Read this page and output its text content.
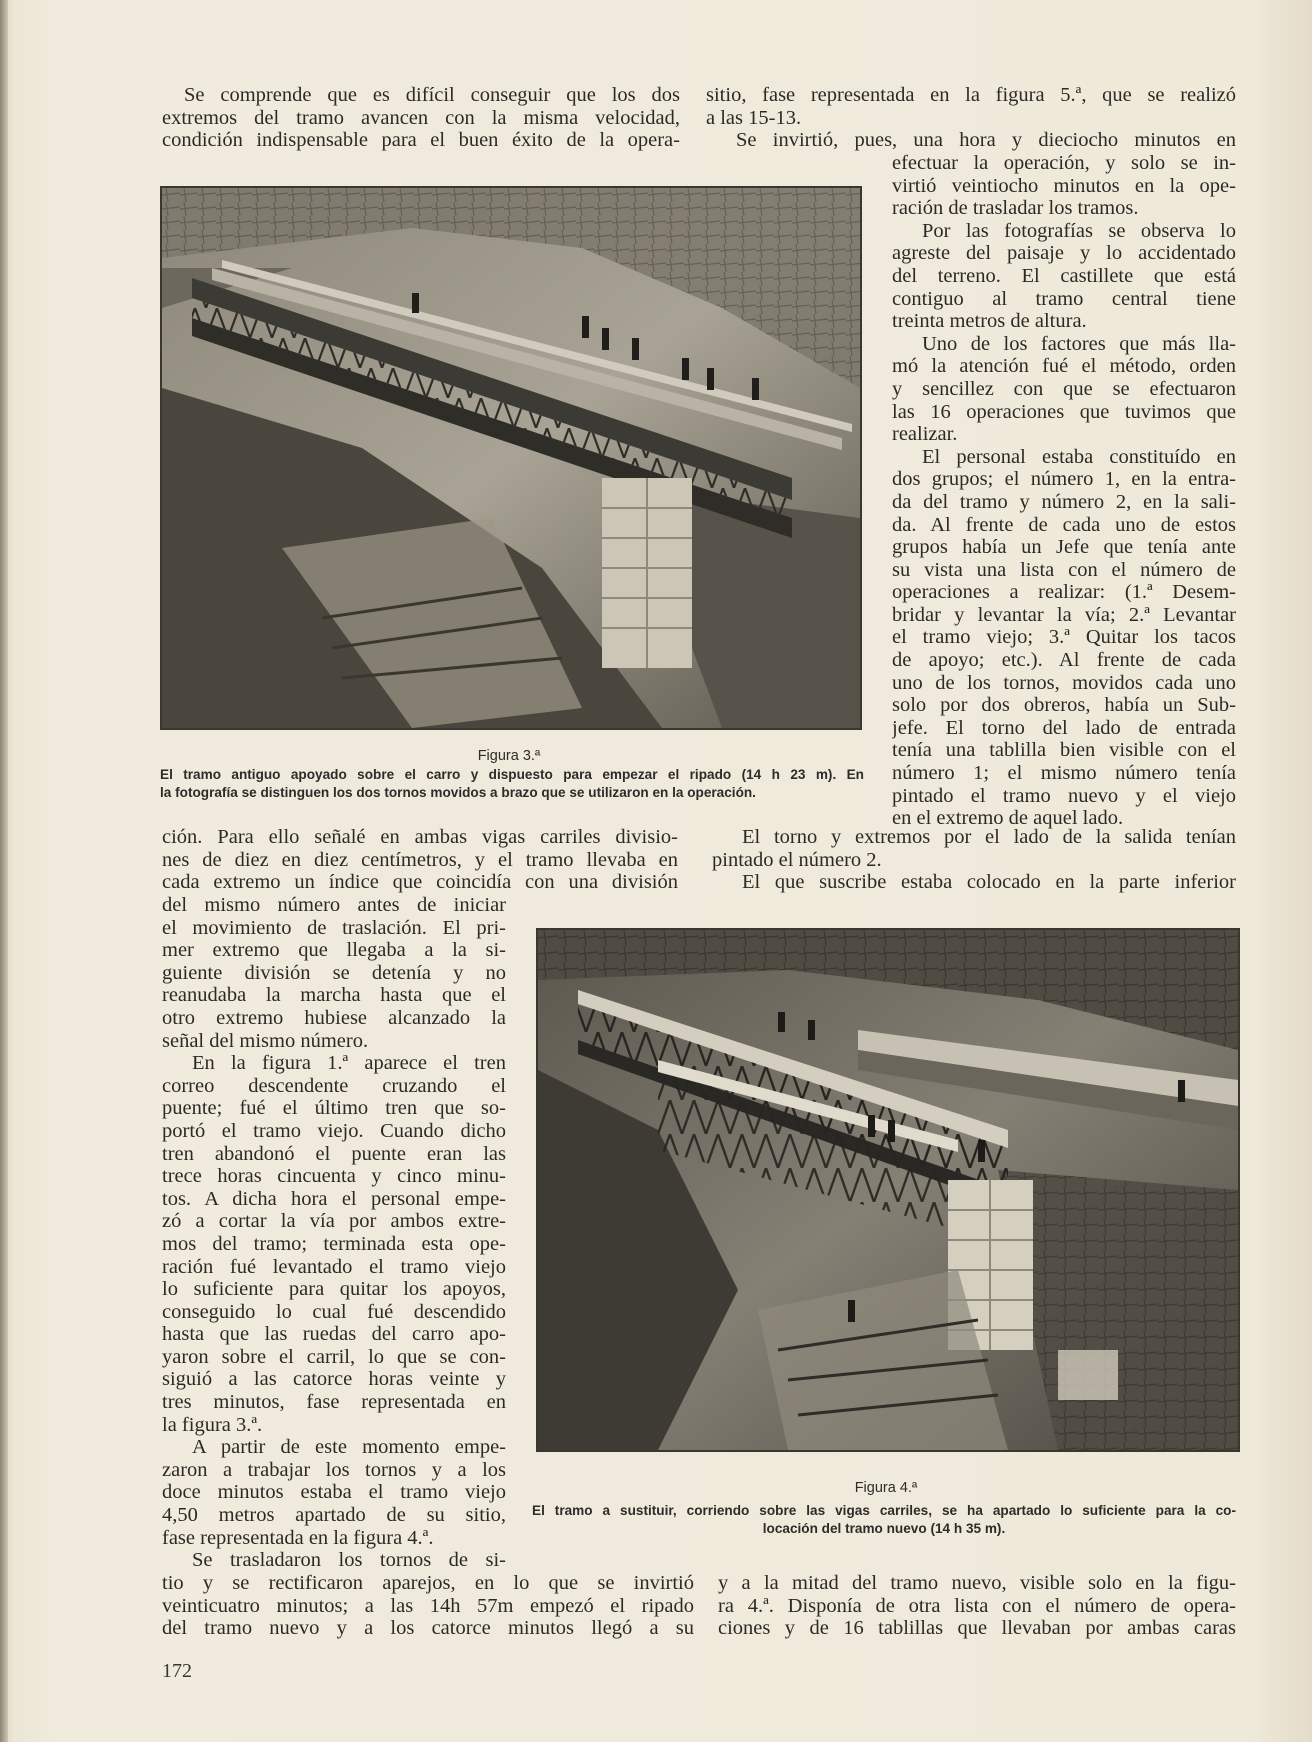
Se comprende que es difícil conseguir que los dos
extremos del tramo avancen con la misma velocidad,
condición indispensable para el buen éxito de la opera-
sitio, fase representada en la figura 5.ª, que se realizó
a las 15-13.
Se invirtió, pues, una hora y dieciocho minutos en
efectuar la operación, y solo se in-
virtió veintiocho minutos en la ope-
ración de trasladar los tramos.
Por las fotografías se observa lo
agreste del paisaje y lo accidentado
del terreno. El castillete que está
contiguo al tramo central tiene
treinta metros de altura.
Uno de los factores que más lla-
mó la atención fué el método, orden
y sencillez con que se efectuaron
las 16 operaciones que tuvimos que
realizar.
El personal estaba constituído en
dos grupos; el número 1, en la entra-
da del tramo y número 2, en la sali-
da. Al frente de cada uno de estos
grupos había un Jefe que tenía ante
su vista una lista con el número de
operaciones a realizar: (1.ª Desem-
bridar y levantar la vía; 2.ª Levantar
el tramo viejo; 3.ª Quitar los tacos
de apoyo; etc.). Al frente de cada
uno de los tornos, movidos cada uno
solo por dos obreros, había un Sub-
jefe. El torno del lado de entrada
tenía una tablilla bien visible con el
número 1; el mismo número tenía
pintado el tramo nuevo y el viejo
en el extremo de aquel lado.
Figura 3.ª
El tramo antiguo apoyado sobre el carro y dispuesto para empezar el ripado (14 h 23 m). En
la fotografía se distinguen los dos tornos movidos a brazo que se utilizaron en la operación.
ción. Para ello señalé en ambas vigas carriles divisio-
nes de diez en diez centímetros, y el tramo llevaba en
cada extremo un índice que coincidía con una división
El torno y extremos por el lado de la salida tenían
pintado el número 2.
El que suscribe estaba colocado en la parte inferior
del mismo número antes de iniciar
el movimiento de traslación. El pri-
mer extremo que llegaba a la si-
guiente división se detenía y no
reanudaba la marcha hasta que el
otro extremo hubiese alcanzado la
señal del mismo número.
En la figura 1.ª aparece el tren
correo descendente cruzando el
puente; fué el último tren que so-
portó el tramo viejo. Cuando dicho
tren abandonó el puente eran las
trece horas cincuenta y cinco minu-
tos. A dicha hora el personal empe-
zó a cortar la vía por ambos extre-
mos del tramo; terminada esta ope-
ración fué levantado el tramo viejo
lo suficiente para quitar los apoyos,
conseguido lo cual fué descendido
hasta que las ruedas del carro apo-
yaron sobre el carril, lo que se con-
siguió a las catorce horas veinte y
tres minutos, fase representada en
la figura 3.ª.
A partir de este momento empe-
zaron a trabajar los tornos y a los
doce minutos estaba el tramo viejo
4,50 metros apartado de su sitio,
fase representada en la figura 4.ª.
Se trasladaron los tornos de si-
Figura 4.ª
El tramo a sustituir, corriendo sobre las vigas carriles, se ha apartado lo suficiente para la co-
locación del tramo nuevo (14 h 35 m).
tio y se rectificaron aparejos, en lo que se invirtió
veinticuatro minutos; a las 14h 57m empezó el ripado
del tramo nuevo y a los catorce minutos llegó a su
y a la mitad del tramo nuevo, visible solo en la figu-
ra 4.ª. Disponía de otra lista con el número de opera-
ciones y de 16 tablillas que llevaban por ambas caras
172
